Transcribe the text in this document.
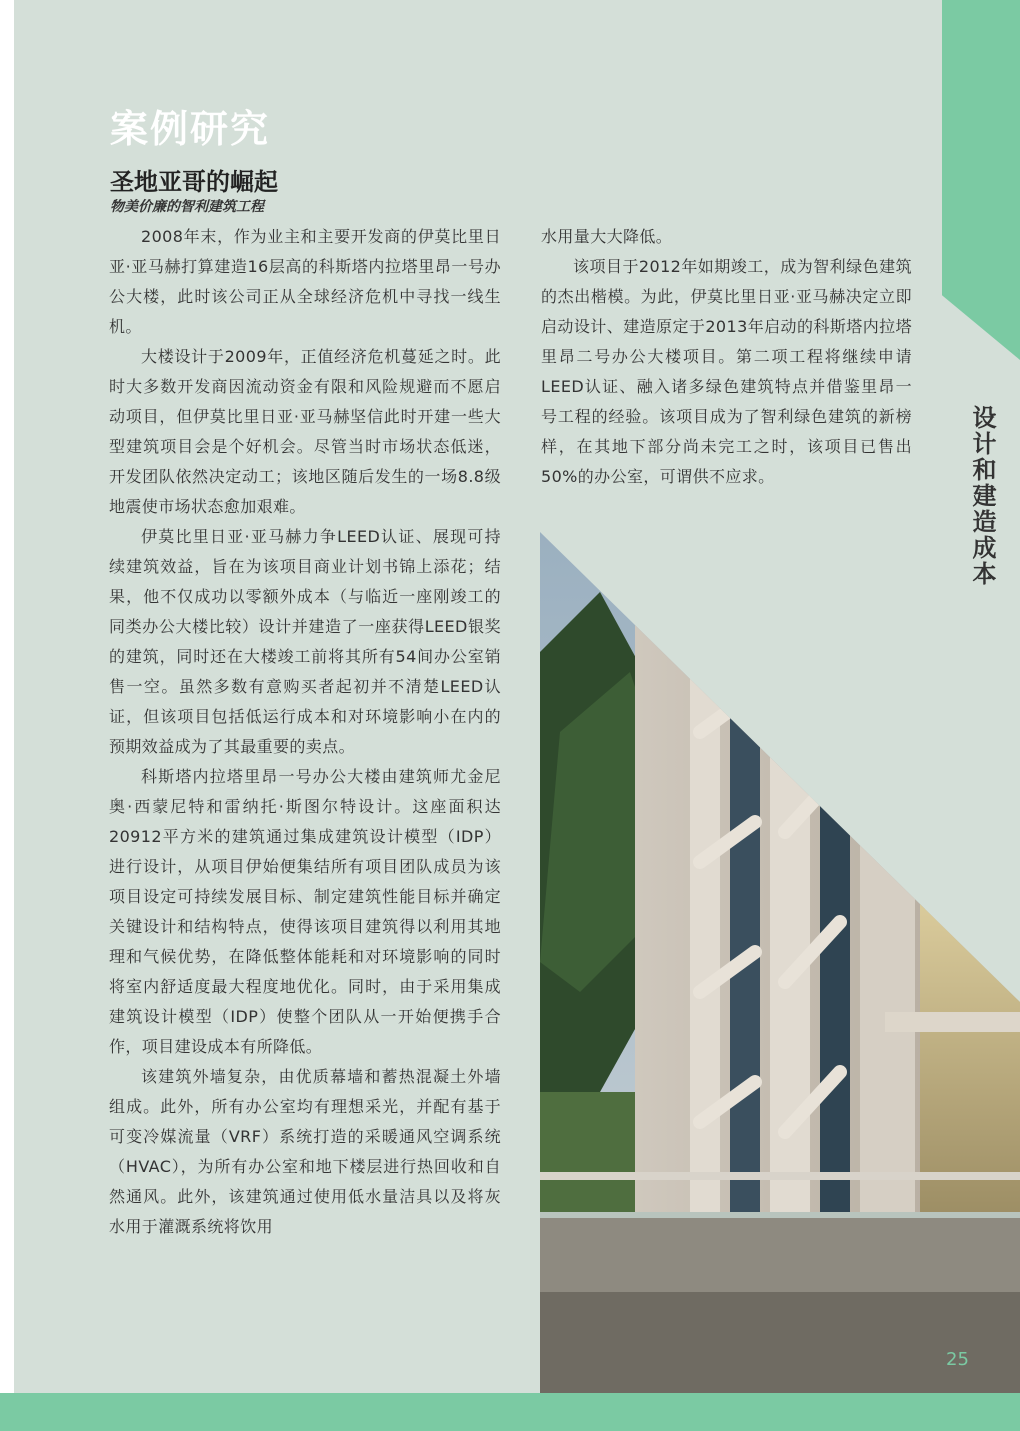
设计和建造成本
案例研究
圣地亚哥的崛起
物美价廉的智利建筑工程

2008年末，作为业主和主要开发商的伊莫比里日亚·亚马赫打算建造16层高的科斯塔内拉塔里昂一号办公大楼，此时该公司正从全球经济危机中寻找一线生机。

大楼设计于2009年，正值经济危机蔓延之时。此时大多数开发商因流动资金有限和风险规避而不愿启动项目，但伊莫比里日亚·亚马赫坚信此时开建一些大型建筑项目会是个好机会。尽管当时市场状态低迷，开发团队依然决定动工；该地区随后发生的一场8.8级地震使市场状态愈加艰难。

伊莫比里日亚·亚马赫力争LEED认证、展现可持续建筑效益，旨在为该项目商业计划书锦上添花；结果，他不仅成功以零额外成本（与临近一座刚竣工的同类办公大楼比较）设计并建造了一座获得LEED银奖的建筑，同时还在大楼竣工前将其所有54间办公室销售一空。虽然多数有意购买者起初并不清楚LEED认证，但该项目包括低运行成本和对环境影响小在内的预期效益成为了其最重要的卖点。

科斯塔内拉塔里昂一号办公大楼由建筑师尤金尼奥·西蒙尼特和雷纳托·斯图尔特设计。这座面积达20912平方米的建筑通过集成建筑设计模型（IDP）进行设计，从项目伊始便集结所有项目团队成员为该项目设定可持续发展目标、制定建筑性能目标并确定关键设计和结构特点，使得该项目建筑得以利用其地理和气候优势，在降低整体能耗和对环境影响的同时将室内舒适度最大程度地优化。同时，由于采用集成建筑设计模型（IDP）使整个团队从一开始便携手合作，项目建设成本有所降低。

该建筑外墙复杂，由优质幕墙和蓄热混凝土外墙组成。此外，所有办公室均有理想采光，并配有基于可变冷媒流量（VRF）系统打造的采暖通风空调系统（HVAC），为所有办公室和地下楼层进行热回收和自然通风。此外，该建筑通过使用低水量洁具以及将灰水用于灌溉系统将饮用

水用量大大降低。

该项目于2012年如期竣工，成为智利绿色建筑的杰出楷模。为此，伊莫比里日亚·亚马赫决定立即启动设计、建造原定于2013年启动的科斯塔内拉塔里昂二号办公大楼项目。第二项工程将继续申请LEED认证、融入诸多绿色建筑特点并借鉴里昂一号工程的经验。该项目成为了智利绿色建筑的新榜样，在其地下部分尚未完工之时，该项目已售出50%的办公室，可谓供不应求。

25
